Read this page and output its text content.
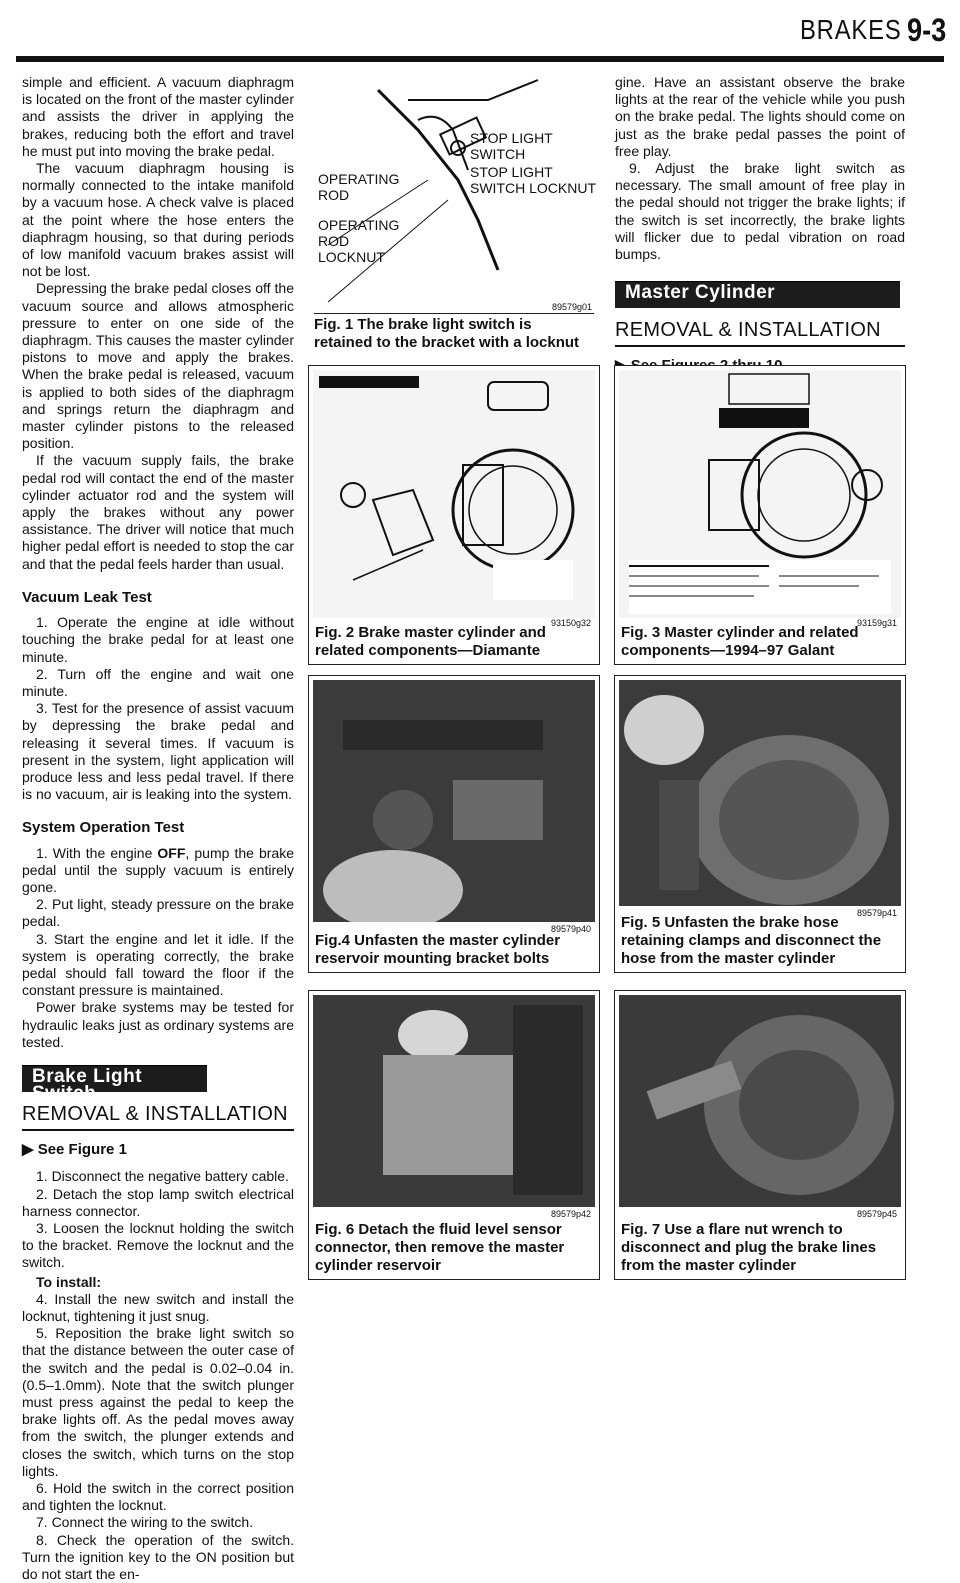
BRAKES 9-3

simple and efficient. A vacuum diaphragm is located on the front of the master cylinder and assists the driver in applying the brakes, reducing both the effort and travel he must put into moving the brake pedal.

The vacuum diaphragm housing is normally connected to the intake manifold by a vacuum hose. A check valve is placed at the point where the hose enters the diaphragm housing, so that during periods of low manifold vacuum brakes assist will not be lost.

Depressing the brake pedal closes off the vacuum source and allows atmospheric pressure to enter on one side of the diaphragm. This causes the master cylinder pistons to move and apply the brakes. When the brake pedal is released, vacuum is applied to both sides of the diaphragm and springs return the diaphragm and master cylinder pistons to the released position.

If the vacuum supply fails, the brake pedal rod will contact the end of the master cylinder actuator rod and the system will apply the brakes without any power assistance. The driver will notice that much higher pedal effort is needed to stop the car and that the pedal feels harder than usual.

Vacuum Leak Test

1. Operate the engine at idle without touching the brake pedal for at least one minute.

2. Turn off the engine and wait one minute.

3. Test for the presence of assist vacuum by depressing the brake pedal and releasing it several times. If vacuum is present in the system, light application will produce less and less pedal travel. If there is no vacuum, air is leaking into the system.

System Operation Test

1. With the engine OFF, pump the brake pedal until the supply vacuum is entirely gone.

2. Put light, steady pressure on the brake pedal.

3. Start the engine and let it idle. If the system is operating correctly, the brake pedal should fall toward the floor if the constant pressure is maintained.

Power brake systems may be tested for hydraulic leaks just as ordinary systems are tested.

Brake Light Switch
REMOVAL & INSTALLATION
▶ See Figure 1

1. Disconnect the negative battery cable.

2. Detach the stop lamp switch electrical harness connector.

3. Loosen the locknut holding the switch to the bracket. Remove the locknut and the switch.

To install:

4. Install the new switch and install the locknut, tightening it just snug.

5. Reposition the brake light switch so that the distance between the outer case of the switch and the pedal is 0.02–0.04 in. (0.5–1.0mm). Note that the switch plunger must press against the pedal to keep the brake lights off. As the pedal moves away from the switch, the plunger extends and closes the switch, which turns on the stop lights.

6. Hold the switch in the correct position and tighten the locknut.

7. Connect the wiring to the switch.

8. Check the operation of the switch. Turn the ignition key to the ON position but do not start the en-

gine. Have an assistant observe the brake lights at the rear of the vehicle while you push on the brake pedal. The lights should come on just as the brake pedal passes the point of free play.

9. Adjust the brake light switch as necessary. The small amount of free play in the pedal should not trigger the brake lights; if the switch is set incorrectly, the brake lights will flicker due to pedal vibration on road bumps.

Master Cylinder
REMOVAL & INSTALLATION
STOP LIGHT
SWITCH
STOP LIGHT
SWITCH LOCKNUT
OPERATING
ROD
OPERATING
ROD
LOCKNUT
89579g01
Fig. 1 The brake light switch is retained to the bracket with a locknut
93150g32
Fig. 2 Brake master cylinder and related components—Diamante
93159g31
Fig. 3 Master cylinder and related components—1994–97 Galant
89579p40
Fig.4 Unfasten the master cylinder reservoir mounting bracket bolts
89579p41
Fig. 5 Unfasten the brake hose retaining clamps and disconnect the hose from the master cylinder
89579p42
Fig. 6 Detach the fluid level sensor connector, then remove the master cylinder reservoir
89579p45
Fig. 7 Use a flare nut wrench to disconnect and plug the brake lines from the master cylinder
